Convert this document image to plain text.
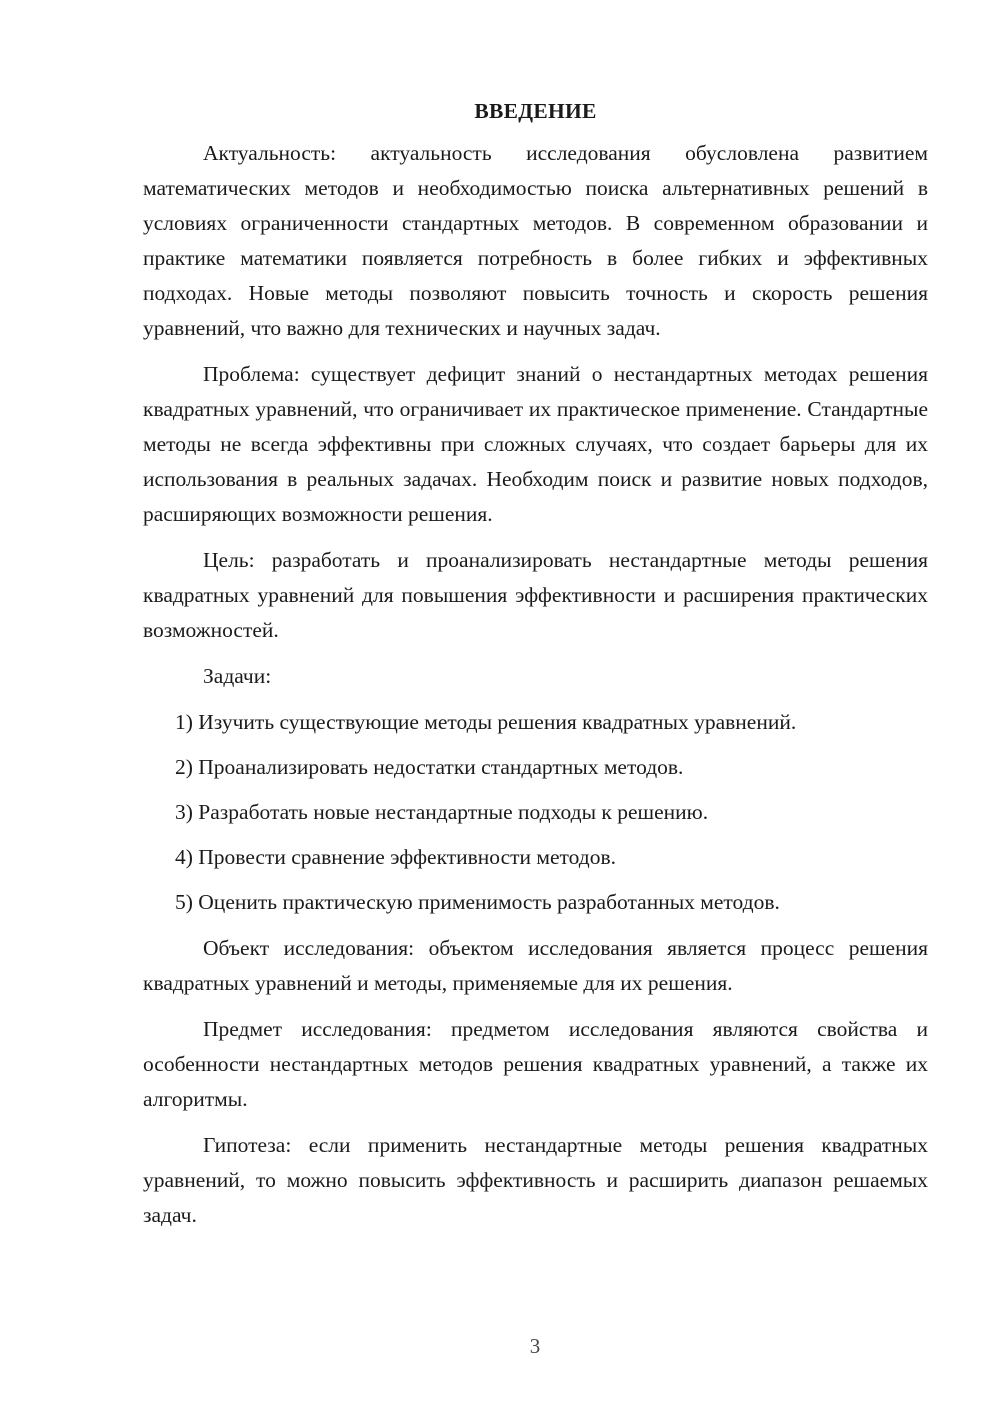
ВВЕДЕНИЕ

Актуальность: актуальность исследования обусловлена развитием математических методов и необходимостью поиска альтернативных решений в условиях ограниченности стандартных методов. В современном образовании и практике математики появляется потребность в более гибких и эффективных подходах. Новые методы позволяют повысить точность и скорость решения уравнений, что важно для технических и научных задач.

Проблема: существует дефицит знаний о нестандартных методах решения квадратных уравнений, что ограничивает их практическое применение. Стандартные методы не всегда эффективны при сложных случаях, что создает барьеры для их использования в реальных задачах. Необходим поиск и развитие новых подходов, расширяющих возможности решения.

Цель: разработать и проанализировать нестандартные методы решения квадратных уравнений для повышения эффективности и расширения практических возможностей.

Задачи:

1) Изучить существующие методы решения квадратных уравнений.
2) Проанализировать недостатки стандартных методов.
3) Разработать новые нестандартные подходы к решению.
4) Провести сравнение эффективности методов.
5) Оценить практическую применимость разработанных методов.

Объект исследования: объектом исследования является процесс решения квадратных уравнений и методы, применяемые для их решения.

Предмет исследования: предметом исследования являются свойства и особенности нестандартных методов решения квадратных уравнений, а также их алгоритмы.

Гипотеза: если применить нестандартные методы решения квадратных уравнений, то можно повысить эффективность и расширить диапазон решаемых задач.

3
